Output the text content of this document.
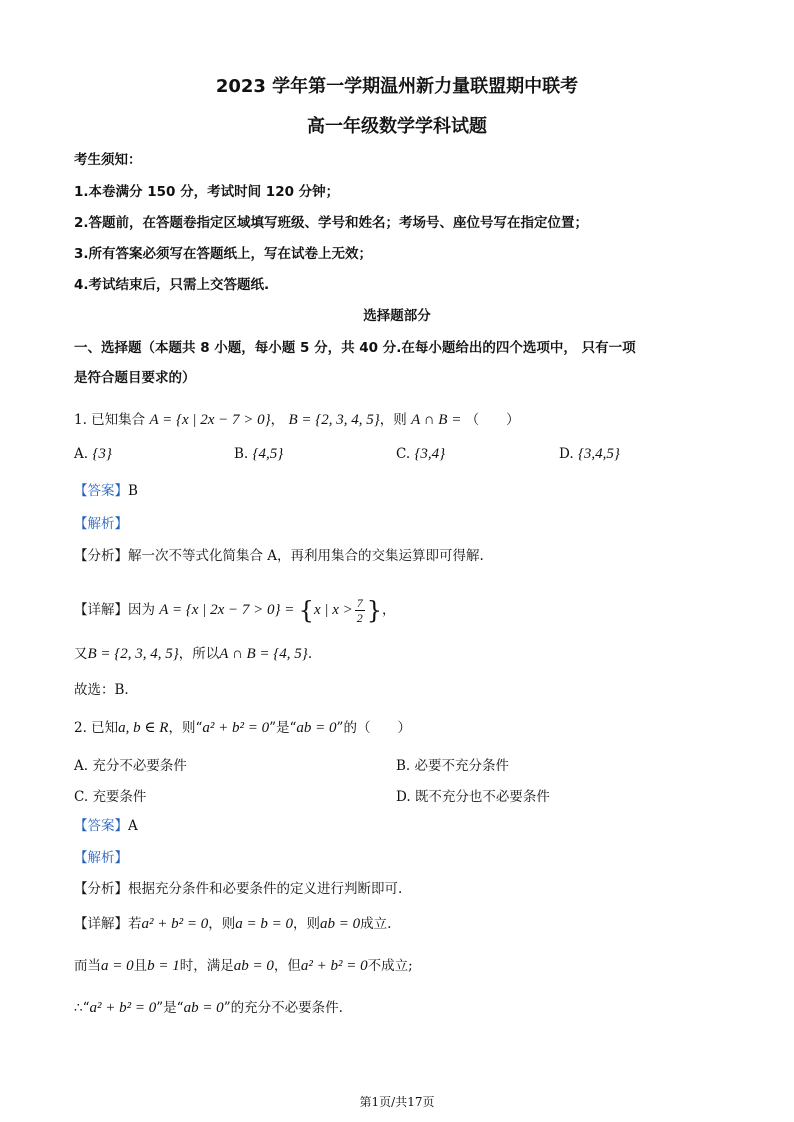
2023 学年第一学期温州新力量联盟期中联考
高一年级数学学科试题
考生须知：
1.本卷满分 150 分，考试时间 120 分钟；
2.答题前，在答题卷指定区域填写班级、学号和姓名；考场号、座位号写在指定位置；
3.所有答案必须写在答题纸上，写在试卷上无效；
4.考试结束后，只需上交答题纸.
选择题部分
一、选择题（本题共 8 小题，每小题 5 分，共 40 分.在每小题给出的四个选项中， 只有一项
是符合题目要求的）
1. 已知集合 A = {x | 2x − 7 > 0}， B = {2, 3, 4, 5}，则 A ∩ B = （　　）
A. {3}	B. {4,5}	C. {3,4}	D. {3,4,5}
【答案】B
【解析】
【分析】解一次不等式化简集合 A，再利用集合的交集运算即可得解.
【详解】因为 A = {x | 2x − 7 > 0} = {x | $x > \frac{7}{2}$ }，
又B = {2, 3, 4, 5}，所以A ∩ B = {4, 5}.
故选：B.
2. 已知a, b ∈ R，则“a² + b² = 0”是“ab = 0”的（　　）
A. 充分不必要条件	B. 必要不充分条件
C. 充要条件	D. 既不充分也不必要条件
【答案】A
【解析】
【分析】根据充分条件和必要条件的定义进行判断即可.
【详解】若a² + b² = 0，则a = b = 0，则ab = 0成立.
而当a = 0且b = 1时，满足ab = 0，但a² + b² = 0不成立;
∴“a² + b² = 0”是“ab = 0”的充分不必要条件.
第1页/共17页
